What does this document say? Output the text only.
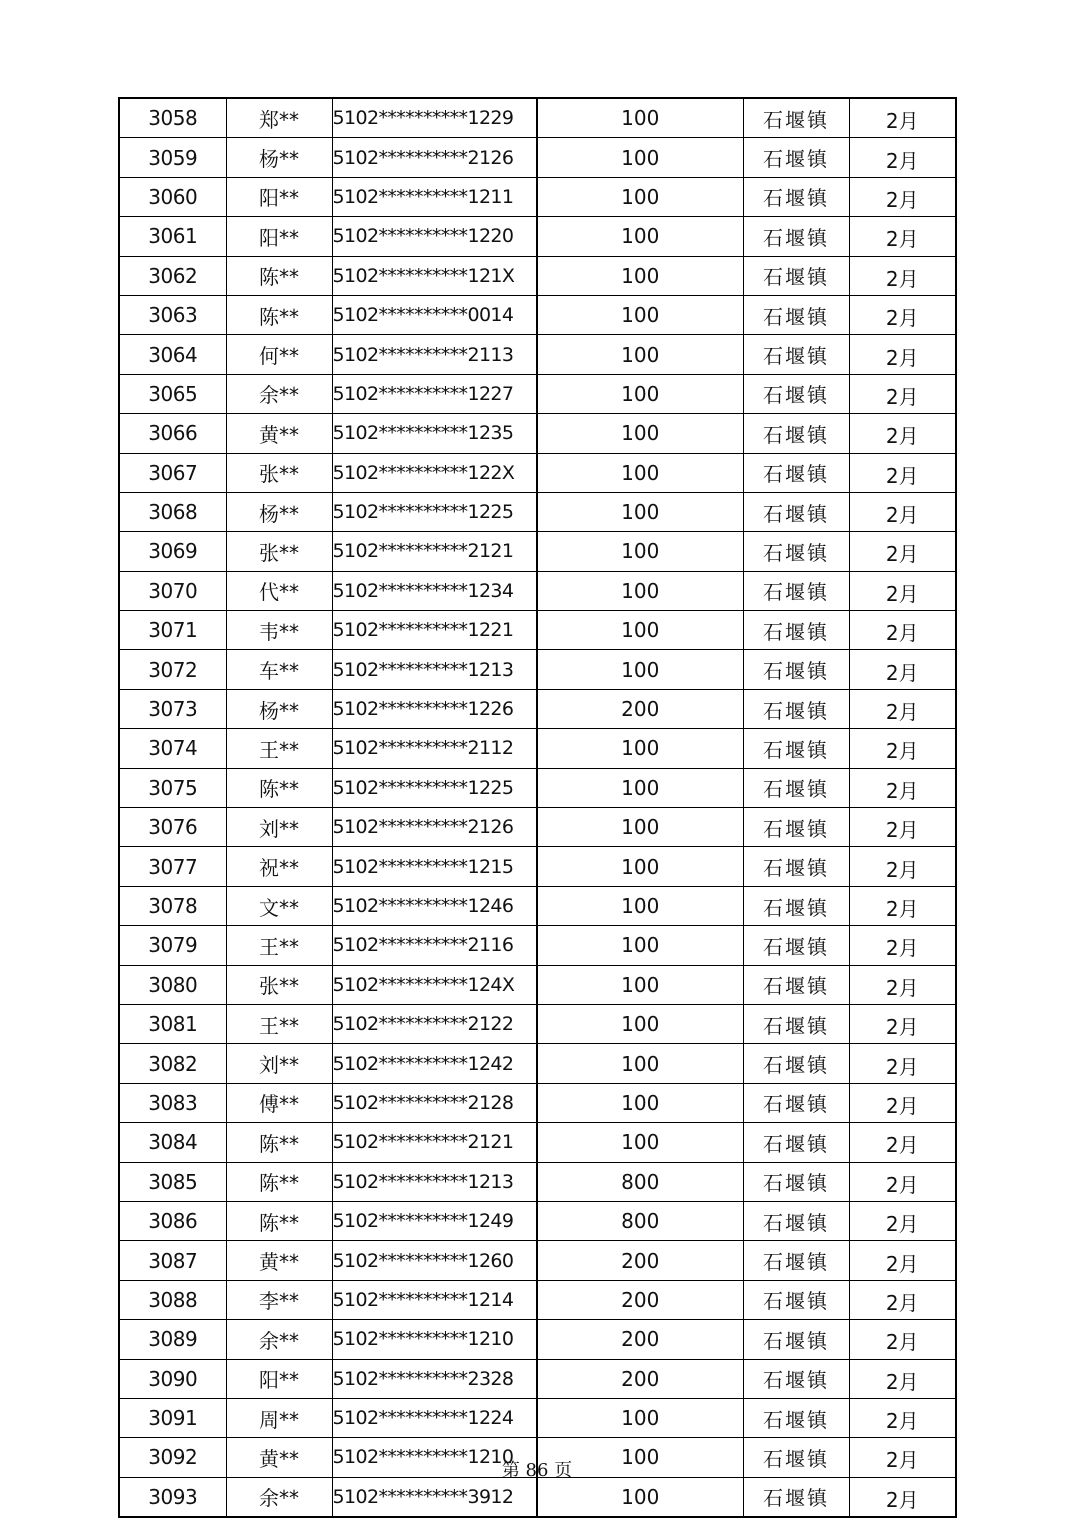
3058	郑**	5102**********1229	100	石堰镇	2月
3059	杨**	5102**********2126	100	石堰镇	2月
3060	阳**	5102**********1211	100	石堰镇	2月
3061	阳**	5102**********1220	100	石堰镇	2月
3062	陈**	5102**********121X	100	石堰镇	2月
3063	陈**	5102**********0014	100	石堰镇	2月
3064	何**	5102**********2113	100	石堰镇	2月
3065	余**	5102**********1227	100	石堰镇	2月
3066	黄**	5102**********1235	100	石堰镇	2月
3067	张**	5102**********122X	100	石堰镇	2月
3068	杨**	5102**********1225	100	石堰镇	2月
3069	张**	5102**********2121	100	石堰镇	2月
3070	代**	5102**********1234	100	石堰镇	2月
3071	韦**	5102**********1221	100	石堰镇	2月
3072	车**	5102**********1213	100	石堰镇	2月
3073	杨**	5102**********1226	200	石堰镇	2月
3074	王**	5102**********2112	100	石堰镇	2月
3075	陈**	5102**********1225	100	石堰镇	2月
3076	刘**	5102**********2126	100	石堰镇	2月
3077	祝**	5102**********1215	100	石堰镇	2月
3078	文**	5102**********1246	100	石堰镇	2月
3079	王**	5102**********2116	100	石堰镇	2月
3080	张**	5102**********124X	100	石堰镇	2月
3081	王**	5102**********2122	100	石堰镇	2月
3082	刘**	5102**********1242	100	石堰镇	2月
3083	傅**	5102**********2128	100	石堰镇	2月
3084	陈**	5102**********2121	100	石堰镇	2月
3085	陈**	5102**********1213	800	石堰镇	2月
3086	陈**	5102**********1249	800	石堰镇	2月
3087	黄**	5102**********1260	200	石堰镇	2月
3088	李**	5102**********1214	200	石堰镇	2月
3089	余**	5102**********1210	200	石堰镇	2月
3090	阳**	5102**********2328	200	石堰镇	2月
3091	周**	5102**********1224	100	石堰镇	2月
3092	黄**	5102**********1210	100	石堰镇	2月
3093	余**	5102**********3912	100	石堰镇	2月
第 86 页
